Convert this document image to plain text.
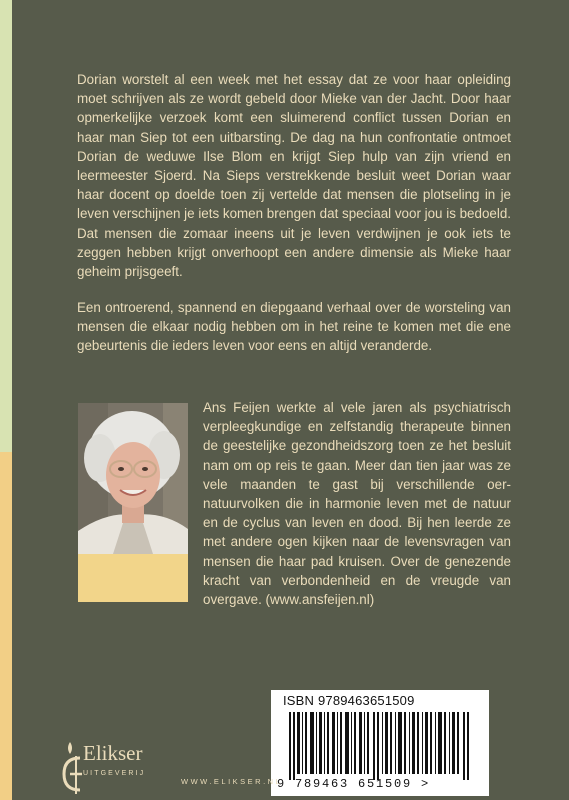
Dorian worstelt al een week met het essay dat ze voor haar opleiding moet schrijven als ze wordt gebeld door Mieke van der Jacht. Door haar opmerkelijke verzoek komt een sluimerend conflict tussen Dorian en haar man Siep tot een uitbarsting. De dag na hun confrontatie ontmoet Dorian de weduwe Ilse Blom en krijgt Siep hulp van zijn vriend en leermeester Sjoerd. Na Sieps verstrekkende besluit weet Dorian waar haar docent op doelde toen zij vertelde dat mensen die plotseling in je leven verschijnen je iets komen brengen dat speciaal voor jou is bedoeld. Dat mensen die zomaar ineens uit je leven verdwijnen je ook iets te zeggen hebben krijgt onverhoopt een andere dimensie als Mieke haar geheim prijsgeeft.

Een ontroerend, spannend en diepgaand verhaal over de worsteling van mensen die elkaar nodig hebben om in het reine te komen met die ene gebeurtenis die ieders leven voor eens en altijd veranderde.

Ans Feijen werkte al vele jaren als psychiatrisch verpleegkundige en zelfstandig therapeute binnen de geestelijke gezondheidszorg toen ze het besluit nam om op reis te gaan. Meer dan tien jaar was ze vele maanden te gast bij verschillende oer-natuurvolken die in harmonie leven met de natuur en de cyclus van leven en dood. Bij hen leerde ze met andere ogen kijken naar de levensvragen van mensen die haar pad kruisen. Over de genezende kracht van verbondenheid en de vreugde van overgave. (www.ansfeijen.nl)

ISBN 9789463651509
9 789463 651509 >
Elikser
UITGEVERIJ
WWW.ELIKSER.NL
